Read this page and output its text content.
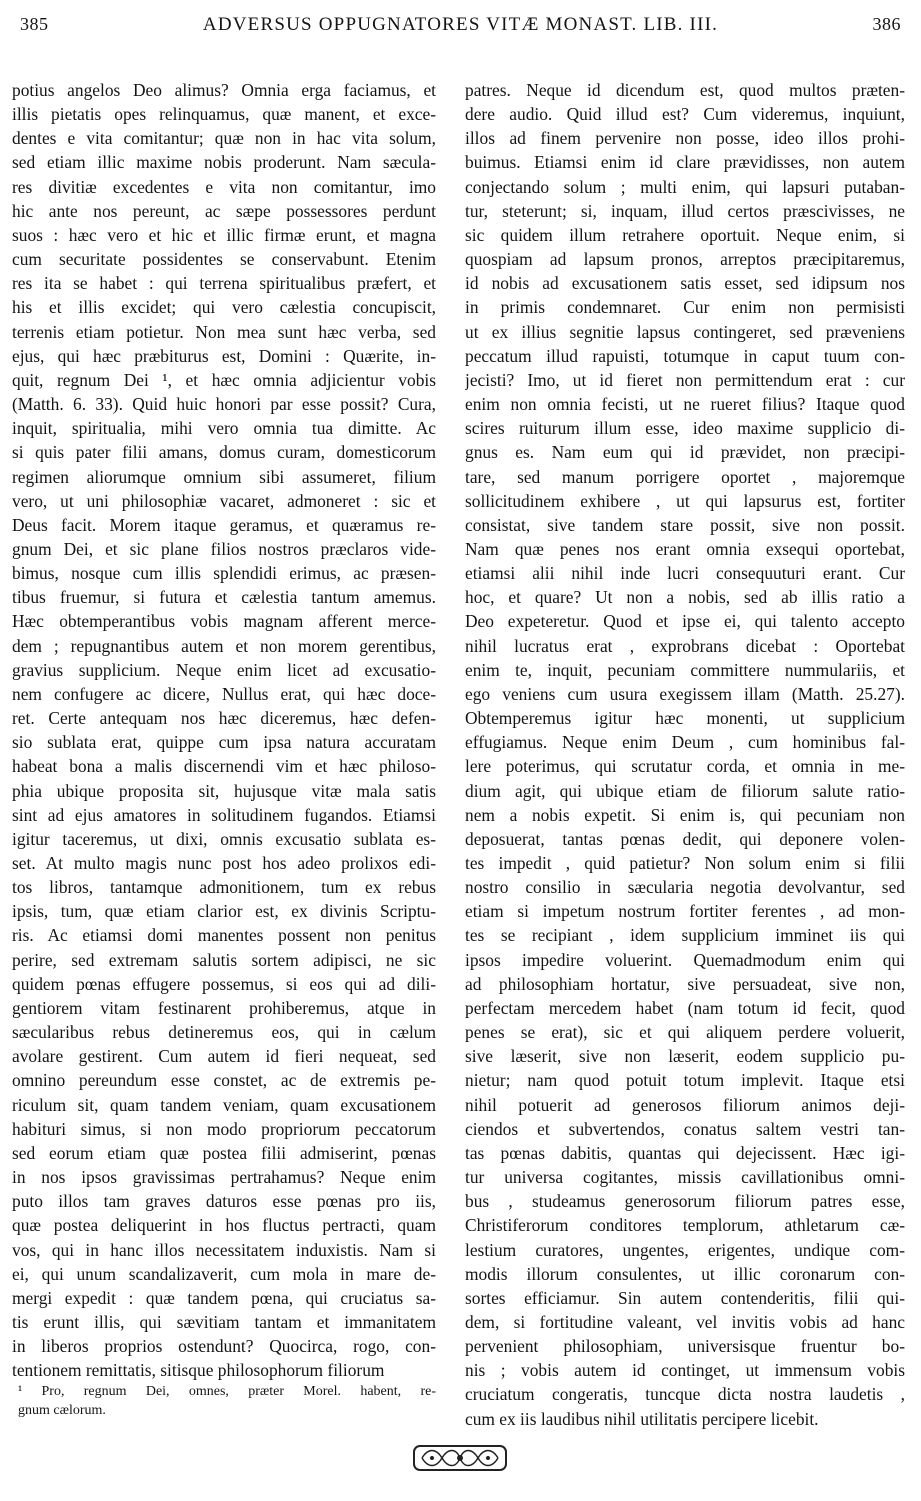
385	ADVERSUS OPPUGNATORES VITÆ MONAST. LIB. III.	386
potius angelos Deo alimus? Omnia erga faciamus, et
illis pietatis opes relinquamus, quæ manent, et exce-
dentes e vita comitantur; quæ non in hac vita solum,
sed etiam illic maxime nobis proderunt. Nam sæcula-
res divitiæ excedentes e vita non comitantur, imo
hic ante nos pereunt, ac sæpe possessores perdunt
suos : hæc vero et hic et illic firmæ erunt, et magna
cum securitate possidentes se conservabunt. Etenim
res ita se habet : qui terrena spiritualibus præfert, et
his et illis excidet; qui vero cælestia concupiscit,
terrenis etiam potietur. Non mea sunt hæc verba, sed
ejus, qui hæc præbiturus est, Domini : Quærite, in-
quit, regnum Dei ¹, et hæc omnia adjicientur vobis
(Matth. 6. 33). Quid huic honori par esse possit? Cura,
inquit, spiritualia, mihi vero omnia tua dimitte. Ac
si quis pater filii amans, domus curam, domesticorum
regimen aliorumque omnium sibi assumeret, filium
vero, ut uni philosophiæ vacaret, admoneret : sic et
Deus facit. Morem itaque geramus, et quæramus re-
gnum Dei, et sic plane filios nostros præclaros vide-
bimus, nosque cum illis splendidi erimus, ac præsen-
tibus fruemur, si futura et cælestia tantum amemus.
Hæc obtemperantibus vobis magnam afferent merce-
dem ; repugnantibus autem et non morem gerentibus,
gravius supplicium. Neque enim licet ad excusatio-
nem confugere ac dicere, Nullus erat, qui hæc doce-
ret. Certe antequam nos hæc diceremus, hæc defen-
sio sublata erat, quippe cum ipsa natura accuratam
habeat bona a malis discernendi vim et hæc philoso-
phia ubique proposita sit, hujusque vitæ mala satis
sint ad ejus amatores in solitudinem fugandos. Etiamsi
igitur taceremus, ut dixi, omnis excusatio sublata es-
set. At multo magis nunc post hos adeo prolixos edi-
tos libros, tantamque admonitionem, tum ex rebus
ipsis, tum, quæ etiam clarior est, ex divinis Scriptu-
ris. Ac etiamsi domi manentes possent non penitus
perire, sed extremam salutis sortem adipisci, ne sic
quidem pœnas effugere possemus, si eos qui ad dili-
gentiorem vitam festinarent prohiberemus, atque in
sæcularibus rebus detineremus eos, qui in cælum
avolare gestirent. Cum autem id fieri nequeat, sed
omnino pereundum esse constet, ac de extremis pe-
riculum sit, quam tandem veniam, quam excusationem
habituri simus, si non modo propriorum peccatorum
sed eorum etiam quæ postea filii admiserint, pœnas
in nos ipsos gravissimas pertrahamus? Neque enim
puto illos tam graves daturos esse pœnas pro iis,
quæ postea deliquerint in hos fluctus pertracti, quam
vos, qui in hanc illos necessitatem induxistis. Nam si
ei, qui unum scandalizaverit, cum mola in mare de-
mergi expedit : quæ tandem pœna, qui cruciatus sa-
tis erunt illis, qui sævitiam tantam et immanitatem
in liberos proprios ostendunt? Quocirca, rogo, con-
tentionem remittatis, sitisque philosophorum filiorum
patres. Neque id dicendum est, quod multos præten-
dere audio. Quid illud est? Cum videremus, inquiunt,
illos ad finem pervenire non posse, ideo illos prohi-
buimus. Etiamsi enim id clare prævidisses, non autem
conjectando solum ; multi enim, qui lapsuri putaban-
tur, steterunt; si, inquam, illud certos præscivisses, ne
sic quidem illum retrahere oportuit. Neque enim, si
quospiam ad lapsum pronos, arreptos præcipitaremus,
id nobis ad excusationem satis esset, sed idipsum nos
in primis condemnaret. Cur enim non permisisti
ut ex illius segnitie lapsus contingeret, sed præveniens
peccatum illud rapuisti, totumque in caput tuum con-
jecisti? Imo, ut id fieret non permittendum erat : cur
enim non omnia fecisti, ut ne rueret filius? Itaque quod
scires ruiturum illum esse, ideo maxime supplicio di-
gnus es. Nam eum qui id prævidet, non præcipi-
tare, sed manum porrigere oportet , majoremque
sollicitudinem exhibere , ut qui lapsurus est, fortiter
consistat, sive tandem stare possit, sive non possit.
Nam quæ penes nos erant omnia exsequi oportebat,
etiamsi alii nihil inde lucri consequuturi erant. Cur
hoc, et quare? Ut non a nobis, sed ab illis ratio a
Deo expeteretur. Quod et ipse ei, qui talento accepto
nihil lucratus erat , exprobrans dicebat : Oportebat
enim te, inquit, pecuniam committere nummulariis, et
ego veniens cum usura exegissem illam (Matth. 25.27).
Obtemperemus igitur hæc monenti, ut supplicium
effugiamus. Neque enim Deum , cum hominibus fal-
lere poterimus, qui scrutatur corda, et omnia in me-
dium agit, qui ubique etiam de filiorum salute ratio-
nem a nobis expetit. Si enim is, qui pecuniam non
deposuerat, tantas pœnas dedit, qui deponere volen-
tes impedit , quid patietur? Non solum enim si filii
nostro consilio in sæcularia negotia devolvantur, sed
etiam si impetum nostrum fortiter ferentes , ad mon-
tes se recipiant , idem supplicium imminet iis qui
ipsos impedire voluerint. Quemadmodum enim qui
ad philosophiam hortatur, sive persuadeat, sive non,
perfectam mercedem habet (nam totum id fecit, quod
penes se erat), sic et qui aliquem perdere voluerit,
sive læserit, sive non læserit, eodem supplicio pu-
nietur; nam quod potuit totum implevit. Itaque etsi
nihil potuerit ad generosos filiorum animos deji-
ciendos et subvertendos, conatus saltem vestri tan-
tas pœnas dabitis, quantas qui dejecissent. Hæc igi-
tur universa cogitantes, missis cavillationibus omni-
bus , studeamus generosorum filiorum patres esse,
Christiferorum conditores templorum, athletarum cæ-
lestium curatores, ungentes, erigentes, undique com-
modis illorum consulentes, ut illic coronarum con-
sortes efficiamur. Sin autem contenderitis, filii qui-
dem, si fortitudine valeant, vel invitis vobis ad hanc
pervenient philosophiam, universisque fruentur bo-
nis ; vobis autem id continget, ut immensum vobis
cruciatum congeratis, tuncque dicta nostra laudetis ,
cum ex iis laudibus nihil utilitatis percipere licebit.
¹ Pro, regnum Dei, omnes, præter Morel. habent, re-
gnum cælorum.
